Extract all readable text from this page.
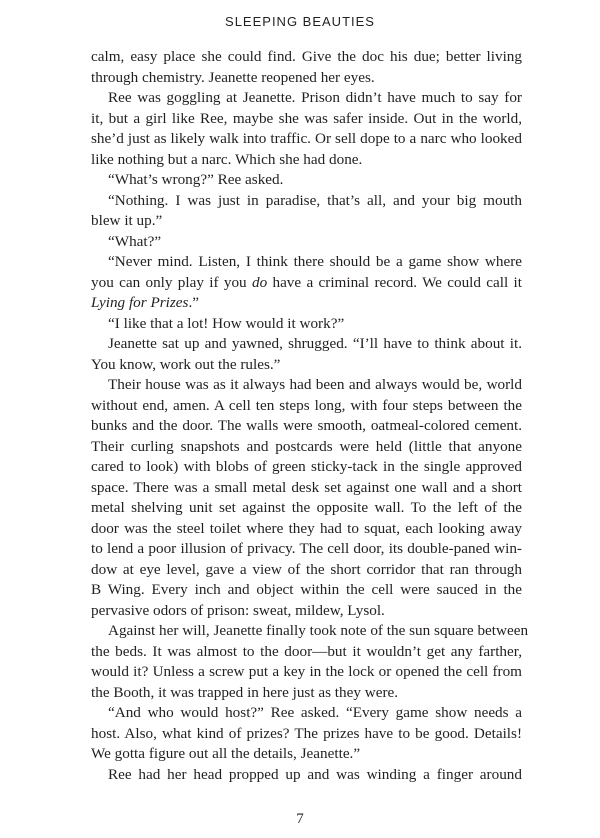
SLEEPING BEAUTIES
calm, easy place she could find. Give the doc his due; better living
through chemistry. Jeanette reopened her eyes.
Ree was goggling at Jeanette. Prison didn’t have much to say for
it, but a girl like Ree, maybe she was safer inside. Out in the world,
she’d just as likely walk into traffic. Or sell dope to a narc who looked
like nothing but a narc. Which she had done.
“What’s wrong?” Ree asked.
“Nothing. I was just in paradise, that’s all, and your big mouth
blew it up.”
“What?”
“Never mind. Listen, I think there should be a game show where
you can only play if you do have a criminal record. We could call it
Lying for Prizes.”
“I like that a lot! How would it work?”
Jeanette sat up and yawned, shrugged. “I’ll have to think about it.
You know, work out the rules.”
Their house was as it always had been and always would be, world
without end, amen. A cell ten steps long, with four steps between the
bunks and the door. The walls were smooth, oatmeal-colored cement.
Their curling snapshots and postcards were held (little that anyone
cared to look) with blobs of green sticky-tack in the single approved
space. There was a small metal desk set against one wall and a short
metal shelving unit set against the opposite wall. To the left of the
door was the steel toilet where they had to squat, each looking away
to lend a poor illusion of privacy. The cell door, its double-paned win-
dow at eye level, gave a view of the short corridor that ran through
B Wing. Every inch and object within the cell were sauced in the
pervasive odors of prison: sweat, mildew, Lysol.
Against her will, Jeanette finally took note of the sun square between
the beds. It was almost to the door—but it wouldn’t get any farther,
would it? Unless a screw put a key in the lock or opened the cell from
the Booth, it was trapped in here just as they were.
“And who would host?” Ree asked. “Every game show needs a
host. Also, what kind of prizes? The prizes have to be good. Details!
We gotta figure out all the details, Jeanette.”
Ree had her head propped up and was winding a finger around
7
